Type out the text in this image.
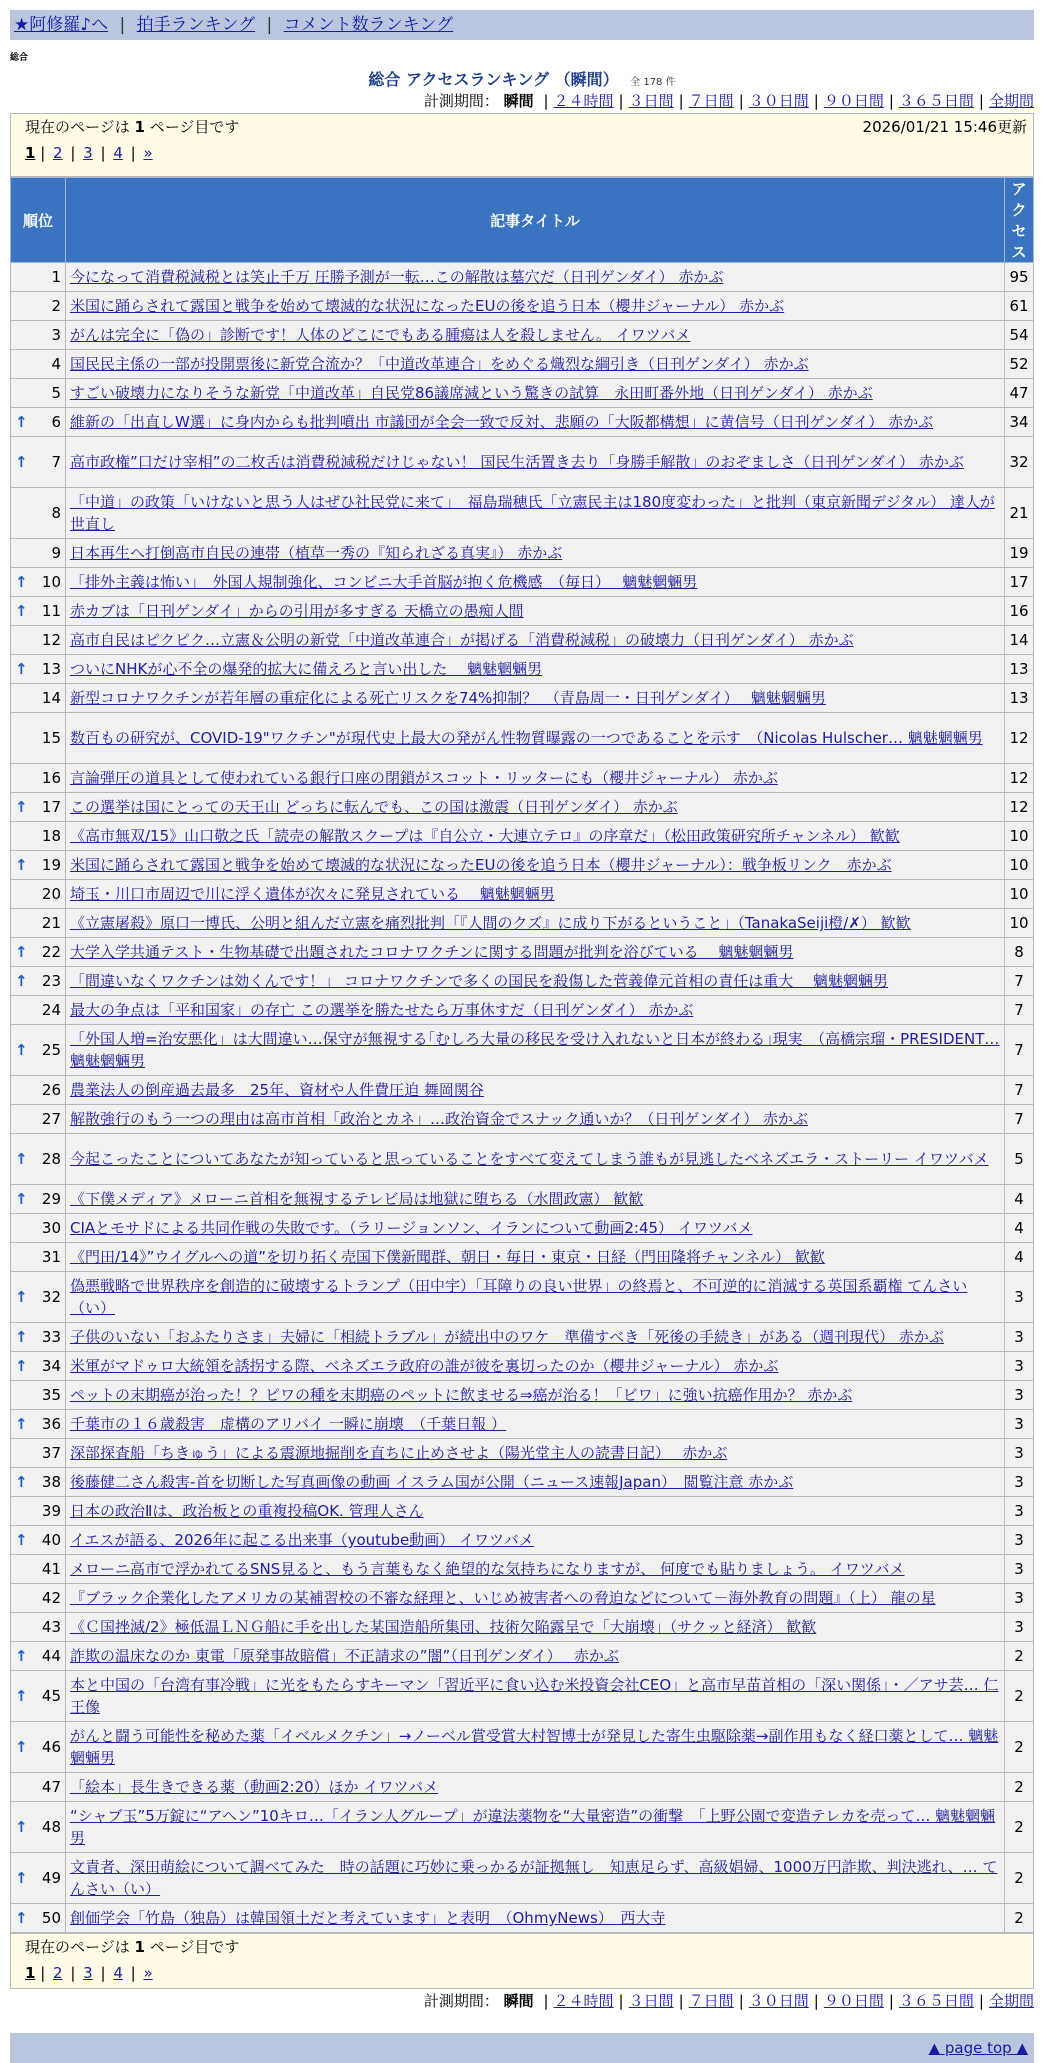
★阿修羅♪へ | 拍手ランキング | コメント数ランキング
総合
総合 アクセスランキング （瞬間） 全 178 件
計測期間： 瞬間 | ２４時間 | ３日間 | ７日間 | ３０日間 | ９０日間 | ３６５日間 | 全期間
現在のページは 1 ページ目です	2026/01/21 15:46更新
1 | 2 | 3 | 4 | »
順位	記事タイトル	アクセス
1	今になって消費税減税とは笑止千万 圧勝予測が一転…この解散は墓穴だ（日刊ゲンダイ） 赤かぶ	95
2	米国に踊らされて露国と戦争を始めて壊滅的な状況になったEUの後を追う日本（櫻井ジャーナル） 赤かぶ	61
3	がんは完全に「偽の」診断です！人体のどこにでもある腫瘍は人を殺しません。 イワツバメ	54
4	国民民主係の一部が投開票後に新党合流か？「中道改革連合」をめぐる熾烈な綱引き（日刊ゲンダイ） 赤かぶ	52
5	すごい破壊力になりそうな新党「中道改革」自民党86議席減という驚きの試算　永田町番外地（日刊ゲンダイ） 赤かぶ	47

↑ 6	維新の「出直しW選」に身内からも批判噴出 市議団が全会一致で反対、悲願の「大阪都構想」に黄信号（日刊ゲンダイ） 赤かぶ	34

↑ 7	高市政権”口だけ宰相”の二枚舌は消費税減税だけじゃない！ 国民生活置き去り「身勝手解散」のおぞましさ（日刊ゲンダイ） 赤かぶ	32
8	「中道」の政策「いけないと思う人はぜひ社民党に来て」　福島瑞穂氏「立憲民主は180度変わった」と批判（東京新聞デジタル） 達人が世直し	21
9	日本再生へ打倒高市自民の連帯（植草一秀の『知られざる真実』） 赤かぶ	19

↑ 10	「排外主義は怖い」　外国人規制強化、コンビニ大手首脳が抱く危機感　（毎日）　 魑魅魍魎男	17

↑ 11	赤カブは「日刊ゲンダイ」からの引用が多すぎる 天橋立の愚痴人間	16
12	高市自民はピクピク…立憲＆公明の新党「中道改革連合」が掲げる「消費税減税」の破壊力（日刊ゲンダイ） 赤かぶ	14

↑ 13	ついにNHKが心不全の爆発的拡大に備えろと言い出した　 魑魅魍魎男	13
14	新型コロナワクチンが若年層の重症化による死亡リスクを74%抑制？　（青島周一・日刊ゲンダイ）　 魑魅魍魎男	13
15	数百もの研究が、COVID-19"ワクチン"が現代史上最大の発がん性物質曝露の一つであることを示す　（Nicolas Hulscher… 魑魅魍魎男	12
16	言論弾圧の道具として使われている銀行口座の閉鎖がスコット・リッターにも（櫻井ジャーナル） 赤かぶ	12

↑ 17	この選挙は国にとっての天王山 どっちに転んでも、この国は激震（日刊ゲンダイ） 赤かぶ	12
18	《高市無双/15》山口敬之氏「読売の解散スクープは『自公立・大連立テロ』の序章だ」（松田政策研究所チャンネル） 歓歓	10

↑ 19	米国に踊らされて露国と戦争を始めて壊滅的な状況になったEUの後を追う日本（櫻井ジャーナル）：戦争板リンク　赤かぶ	10
20	埼玉・川口市周辺で川に浮く遺体が次々に発見されている　 魑魅魍魎男	10
21	《立憲屠殺》原口一博氏、公明と組んだ立憲を痛烈批判「『人間のクズ』に成り下がるということ」（TanakaSeiji橙/✗） 歓歓	10

↑ 22	大学入学共通テスト・生物基礎で出題されたコロナワクチンに関する問題が批判を浴びている　 魑魅魍魎男	8

↑ 23	「間違いなくワクチンは効くんです！」 コロナワクチンで多くの国民を殺傷した菅義偉元首相の責任は重大　 魑魅魍魎男	7
24	最大の争点は「平和国家」の存亡 この選挙を勝たせたら万事休すだ（日刊ゲンダイ） 赤かぶ	7

↑ 25	「外国人増=治安悪化」は大間違い…保守が無視する｢むしろ大量の移民を受け入れないと日本が終わる｣現実　（高橋宗瑠・PRESIDENT… 魑魅魍魎男	7
26	農業法人の倒産過去最多　25年、資材や人件費圧迫 舞岡関谷	7
27	解散強行のもう一つの理由は高市首相「政治とカネ」…政治資金でスナック通いか？（日刊ゲンダイ） 赤かぶ	7

↑ 28	今起こったことについてあなたが知っていると思っていることをすべて変えてしまう誰もが見逃したベネズエラ・ストーリー イワツバメ	5

↑ 29	《下僕メディア》メローニ首相を無視するテレビ局は地獄に堕ちる（水間政憲） 歓歓	4
30	CIAとモサドによる共同作戦の失敗です。（ラリージョンソン、イランについて動画2:45） イワツバメ	4
31	《門田/14》”ウイグルへの道”を切り拓く売国下僕新聞群、朝日・毎日・東京・日経（門田隆将チャンネル） 歓歓	4

↑ 32	偽悪戦略で世界秩序を創造的に破壊するトランプ（田中宇）「耳障りの良い世界」の終焉と、不可逆的に消滅する英国系覇権 てんさい（い）	3

↑ 33	子供のいない「おふたりさま」夫婦に「相続トラブル」が続出中のワケ　準備すべき「死後の手続き」がある（週刊現代） 赤かぶ	3

↑ 34	米軍がマドゥロ大統領を誘拐する際、ベネズエラ政府の誰が彼を裏切ったのか（櫻井ジャーナル） 赤かぶ	3
35	ペットの末期癌が治った！？ピワの種を末期癌のペットに飲ませる⇒癌が治る！「ビワ」に強い抗癌作用か？ 赤かぶ	3

↑ 36	千葉市の１６歳殺害　虚構のアリバイ 一瞬に崩壊　（千葉日報 ）	3
37	深部探査船「ちきゅう」による震源地掘削を直ちに止めさせよ（陽光堂主人の読書日記）　 赤かぶ	3

↑ 38	後藤健二さん殺害-首を切断した写真画像の動画 イスラム国が公開（ニュース速報Japan）　閲覧注意 赤かぶ	3
39	日本の政治Ⅱは、政治板との重複投稿OK. 管理人さん	3

↑ 40	イエスが語る、2026年に起こる出来事（youtube動画） イワツバメ	3
41	メローニ高市で浮かれてるSNS見ると、もう言葉もなく絶望的な気持ちになりますが、 何度でも貼りましょう。 イワツバメ	3
42	『ブラック企業化したアメリカの某補習校の不審な経理と、いじめ被害者への脅迫などについて－海外教育の問題』（上） 龍の星	3
43	《Ｃ国挫滅/2》極低温ＬＮＧ船に手を出した某国造船所集団、技術欠陥露呈で「大崩壊」（サクッと経済） 歓歓	3

↑ 44	詐欺の温床なのか 東電「原発事故賠償」不正請求の”闇”（日刊ゲンダイ）　 赤かぶ	2

↑ 45	本と中国の「台湾有事冷戦」に光をもたらすキーマン「習近平に食い込む米投資会社CEO」と高市早苗首相の「深い関係」・／アサ芸… 仁王像	2

↑ 46	がんと闘う可能性を秘めた薬「イベルメクチン」→ノーベル賞受賞大村智博士が発見した寄生虫駆除薬→副作用もなく経口薬として… 魑魅魍魎男	2
47	「絵本」長生きできる薬（動画2:20）ほか イワツバメ	2

↑ 48	“シャブ玉”5万錠に“アヘン”10キロ…「イラン人グループ」が違法薬物を“大量密造”の衝撃　「上野公園で変造テレカを売って… 魑魅魍魎男	2

↑ 49	文責者、深田萌絵について調べてみた　時の話題に巧妙に乗っかるが証拠無し　知恵足らず、高級娼婦、1000万円詐欺、判決逃れ、… てんさい（い）	2

↑ 50	創価学会「竹島（独島）は韓国領土だと考えています」と表明　（OhmyNews）　西大寺	2
現在のページは 1 ページ目です
1 | 2 | 3 | 4 | »
計測期間： 瞬間 | ２４時間 | ３日間 | ７日間 | ３０日間 | ９０日間 | ３６５日間 | 全期間
▲ page top ▲
